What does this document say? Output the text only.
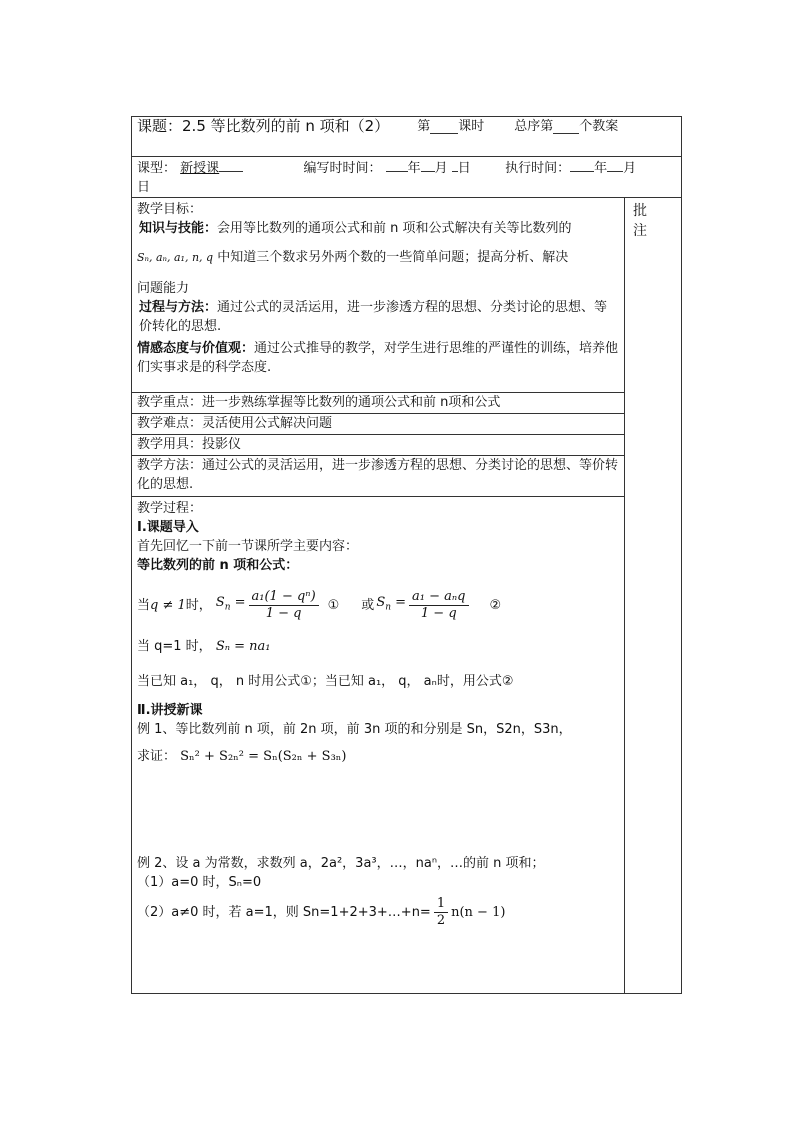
课题： 2.5 等比数列的前 n 项和（2） 第 课时 总序第 个教案

课型： 新授课	编写时时间： 年 月 日	执行时间： 年 月
日

教学目标：

知识与技能：会用等比数列的通项公式和前 n 项和公式解决有关等比数列的

Sₙ, aₙ, a₁, n, q 中知道三个数求另外两个数的一些简单问题；提高分析、解决

问题能力

过程与方法：通过公式的灵活运用，进一步渗透方程的思想、分类讨论的思想、等价转化的思想.

情感态度与价值观：通过公式推导的教学，对学生进行思维的严谨性的训练，培养他们实事求是的科学态度.

批
注

教学重点：进一步熟练掌握等比数列的通项公式和前 n项和公式
教学难点：灵活使用公式解决问题
教学用具：投影仪
教学方法：通过公式的灵活运用，进一步渗透方程的思想、分类讨论的思想、等价转化的思想.

教学过程：

Ⅰ.课题导入

首先回忆一下前一节课所学主要内容：

等比数列的前 n 项和公式：

当 q ≠ 1 时， $S_n = \frac{\text{a₁(1 − qⁿ)}}{1 - q}$ ① 或 $S_n = \frac{\text{a₁ − aₙq}}{1 - q}$ ②
当 q=1 时， Sₙ = na₁
当已知 a₁， q， n 时用公式①；当已知 a₁， q， aₙ时，用公式②

Ⅱ.讲授新课

例 1、等比数列前 n 项，前 2n 项，前 3n 项的和分别是 Sn，S2n，S3n，

求证： Sₙ² + S₂ₙ² = Sₙ(S₂ₙ + S₃ₙ)

例 2、设 a 为常数，求数列 a，2a²，3a³，…，naⁿ，…的前 n 项和；

（1）a=0 时，Sₙ=0

（2）a≠0 时，若 a=1，则 Sn=1+2+3+…+n= $\frac{1}{2} n(n - 1)$
